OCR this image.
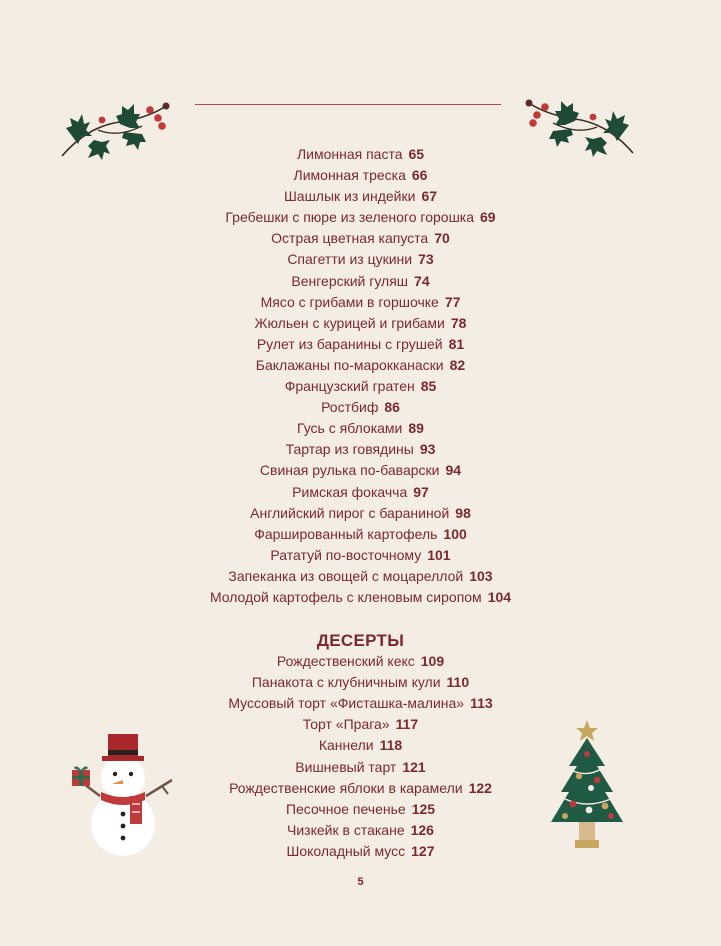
Лимонная паста 65
Лимонная треска 66
Шашлык из индейки 67
Гребешки с пюре из зеленого горошка 69
Острая цветная капуста 70
Спагетти из цукини 73
Венгерский гуляш 74
Мясо с грибами в горшочке 77
Жюльен с курицей и грибами 78
Рулет из баранины с грушей 81
Баклажаны по-марокканаски 82
Французский гратен 85
Ростбиф 86
Гусь с яблоками 89
Тартар из говядины 93
Свиная рулька по-баварски 94
Римская фокачча 97
Английский пирог с бараниной 98
Фаршированный картофель 100
Рататуй по-восточному 101
Запеканка из овощей с моцареллой 103
Молодой картофель с кленовым сиропом 104
ДЕСЕРТЫ
Рождественский кекс 109
Панакота с клубничным кули 110
Муссовый торт «Фисташка-малина» 113
Торт «Прага» 117
Каннели 118
Вишневый тарт 121
Рождественские яблоки в карамели 122
Песочное печенье 125
Чизкейк в стакане 126
Шоколадный мусс 127
5
